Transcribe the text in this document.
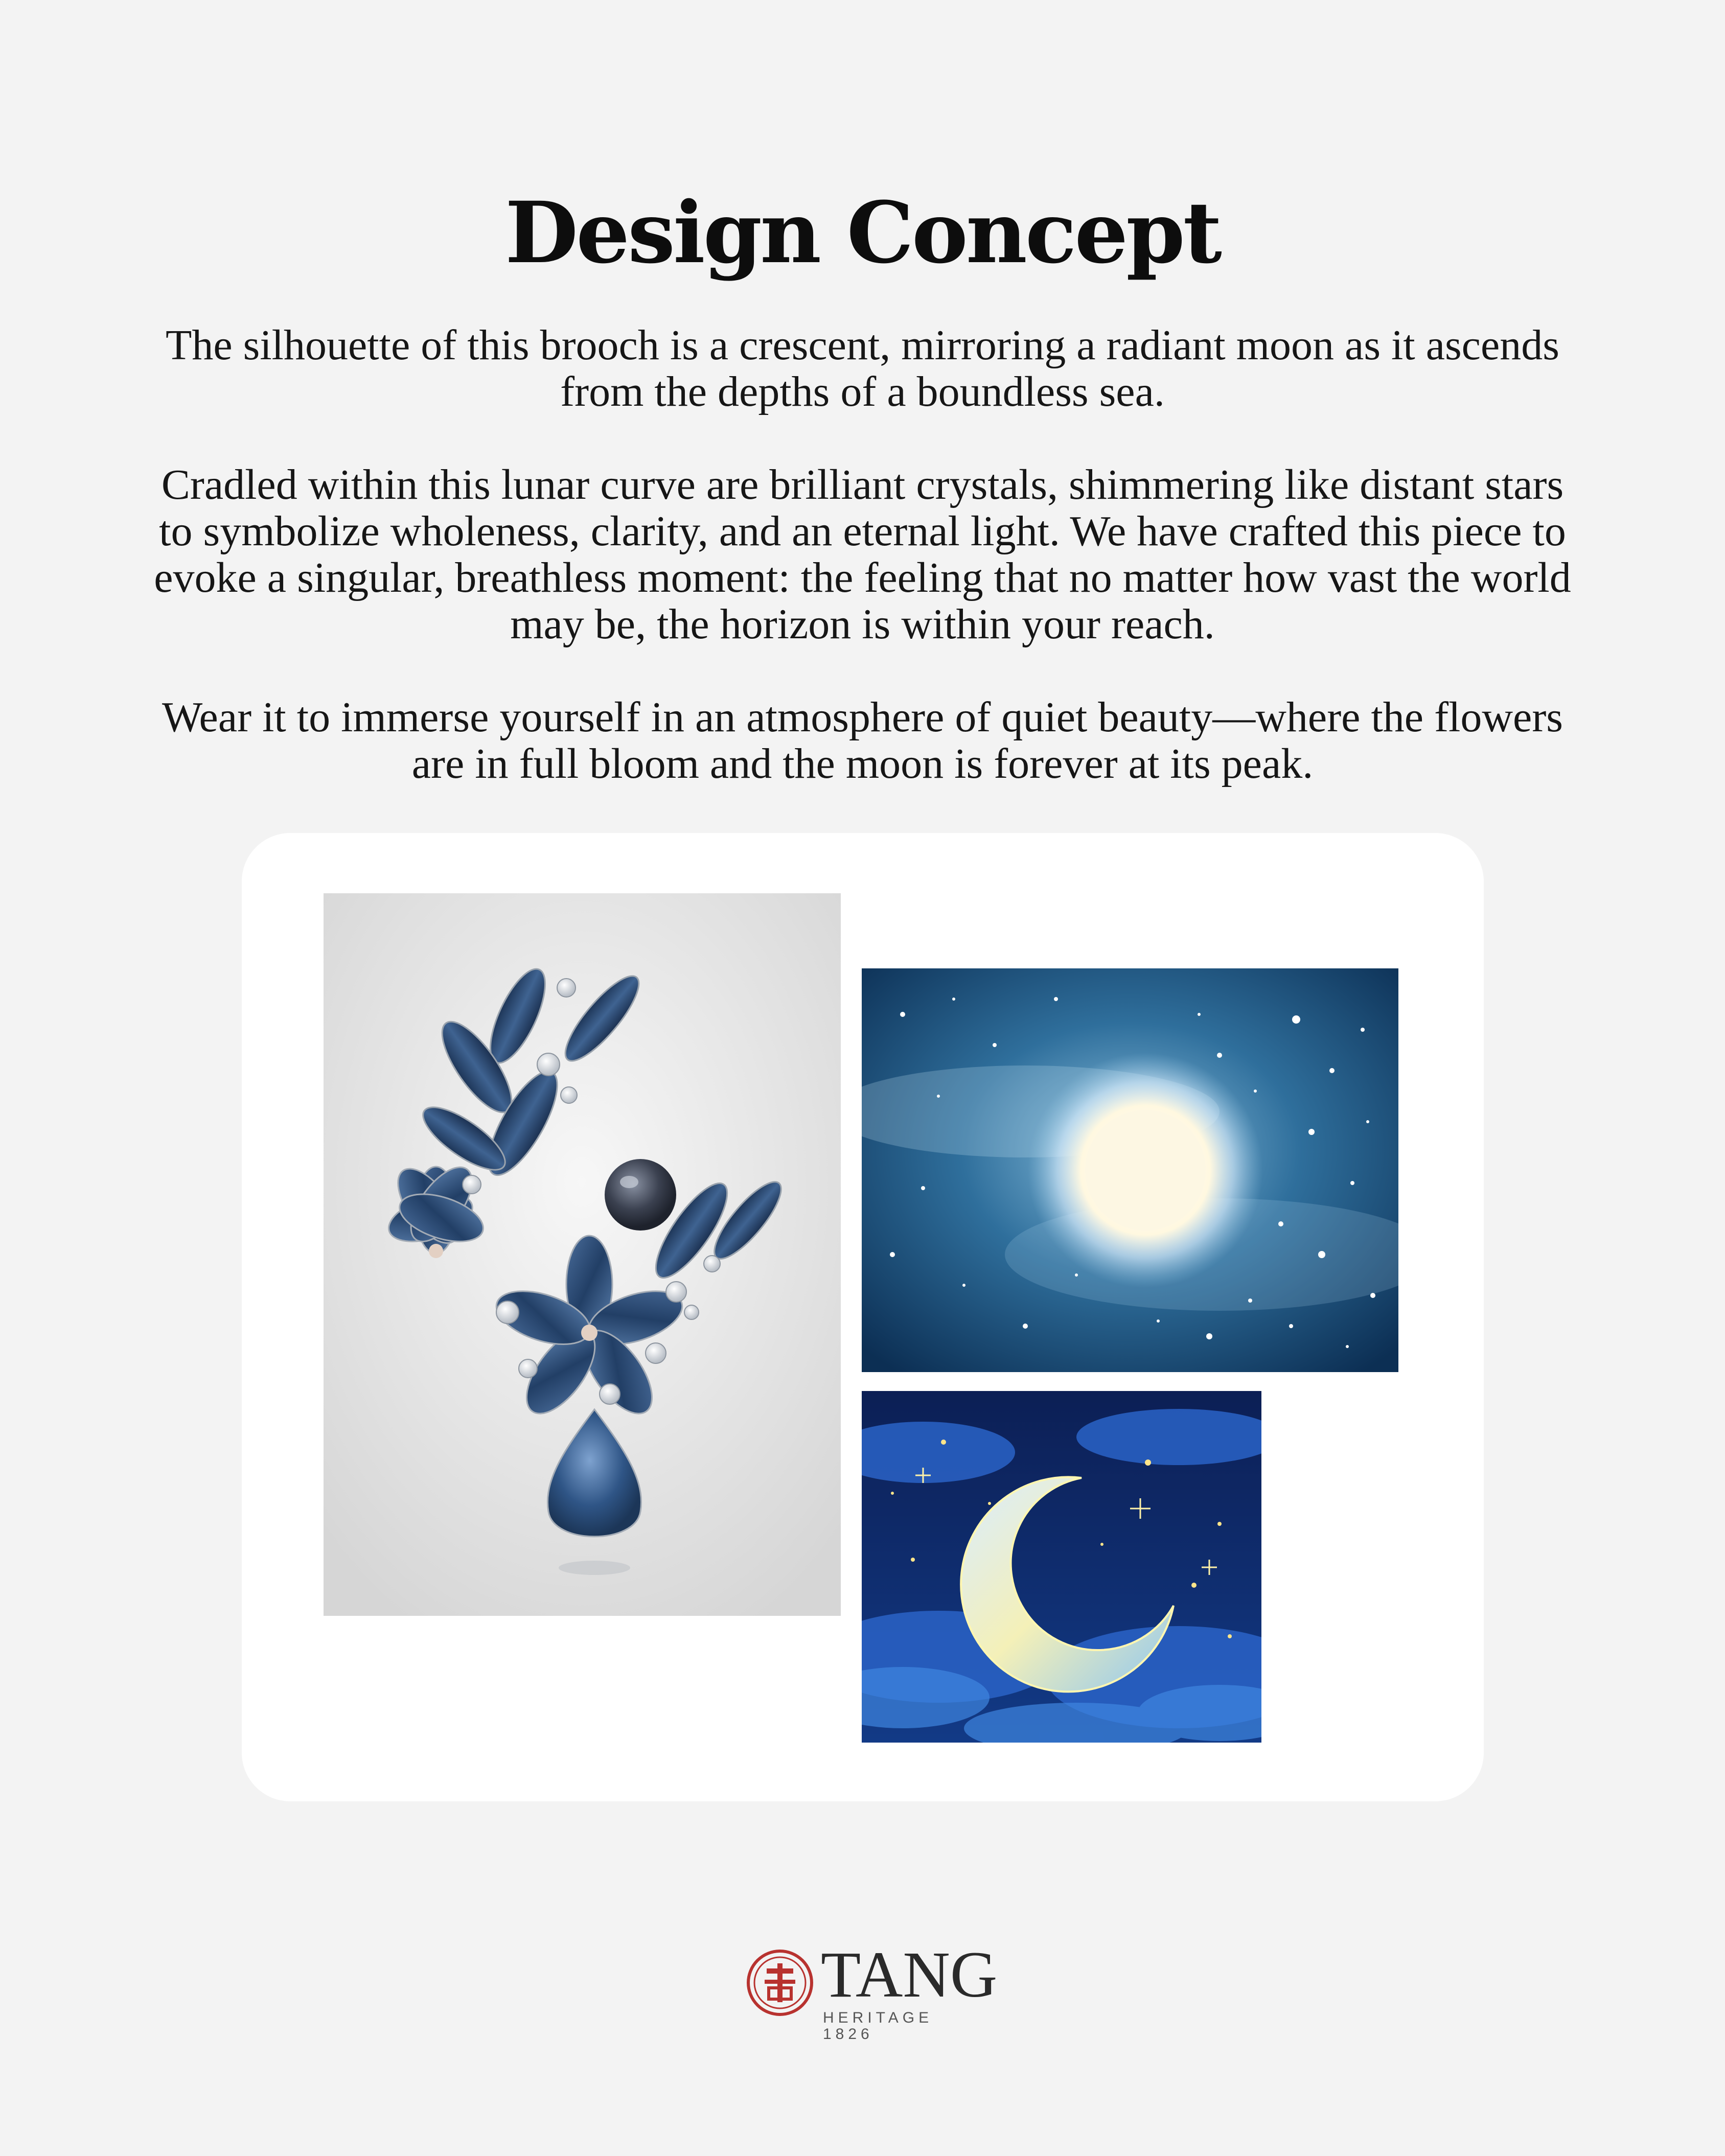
Design Concept

The silhouette of this brooch is a crescent, mirroring a radiant moon as it ascends from the depths of a boundless sea.

Cradled within this lunar curve are brilliant crystals, shimmering like distant stars to symbolize wholeness, clarity, and an eternal light. We have crafted this piece to evoke a singular, breathless moment: the feeling that no matter how vast the world may be, the horizon is within your reach.

Wear it to immerse yourself in an atmosphere of quiet beauty—where the flowers are in full bloom and the moon is forever at its peak.

TANG
HERITAGE 1826
